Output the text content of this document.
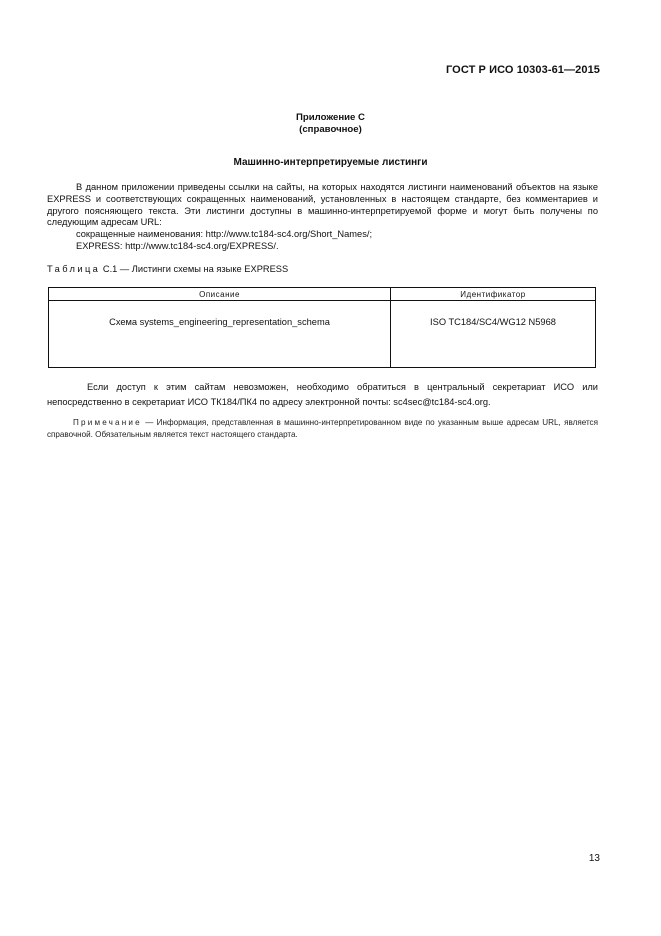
ГОСТ Р ИСО 10303-61—2015
Приложение С
(справочное)
Машинно-интерпретируемые листинги
В данном приложении приведены ссылки на сайты, на которых находятся листинги наименований объектов на языке EXPRESS и соответствующих сокращенных наименований, установленных в настоящем стандарте, без комментариев и другого поясняющего текста. Эти листинги доступны в машинно-интерпретируемой форме и могут быть получены по следующим адресам URL:
сокращенные наименования: http://www.tc184-sc4.org/Short_Names/;
EXPRESS: http://www.tc184-sc4.org/EXPRESS/.
Таблица С.1 — Листинги схемы на языке EXPRESS
Описание	Идентификатор
Схема systems_engineering_representation_schema	ISO TC184/SC4/WG12 N5968
Если доступ к этим сайтам невозможен, необходимо обратиться в центральный секретариат ИСО или непосредственно в секретариат ИСО ТК184/ПК4 по адресу электронной почты: sc4sec@tc184-sc4.org.
Примечание — Информация, представленная в машинно-интерпретированном виде по указанным выше адресам URL, является справочной. Обязательным является текст настоящего стандарта.
13
